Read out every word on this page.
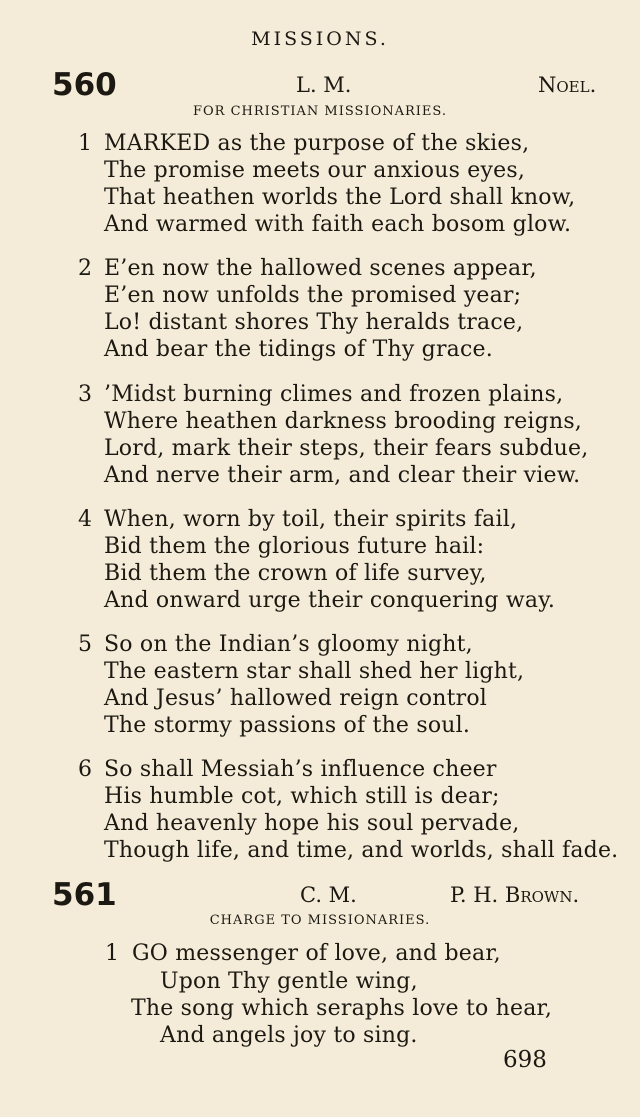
MISSIONS.
560	L. M.	Noel.
FOR CHRISTIAN MISSIONARIES.
1 MARKED as the purpose of the skies,
The promise meets our anxious eyes,
That heathen worlds the Lord shall know,
And warmed with faith each bosom glow.
2 E’en now the hallowed scenes appear,
E’en now unfolds the promised year;
Lo! distant shores Thy heralds trace,
And bear the tidings of Thy grace.
3 ’Midst burning climes and frozen plains,
Where heathen darkness brooding reigns,
Lord, mark their steps, their fears subdue,
And nerve their arm, and clear their view.
4 When, worn by toil, their spirits fail,
Bid them the glorious future hail:
Bid them the crown of life survey,
And onward urge their conquering way.
5 So on the Indian’s gloomy night,
The eastern star shall shed her light,
And Jesus’ hallowed reign control
The stormy passions of the soul.
6 So shall Messiah’s influence cheer
His humble cot, which still is dear;
And heavenly hope his soul pervade,
Though life, and time, and worlds, shall fade.
561	C. M.	P. H. Brown.
CHARGE TO MISSIONARIES.
1 GO messenger of love, and bear,
Upon Thy gentle wing,
The song which seraphs love to hear,
And angels joy to sing.
698
